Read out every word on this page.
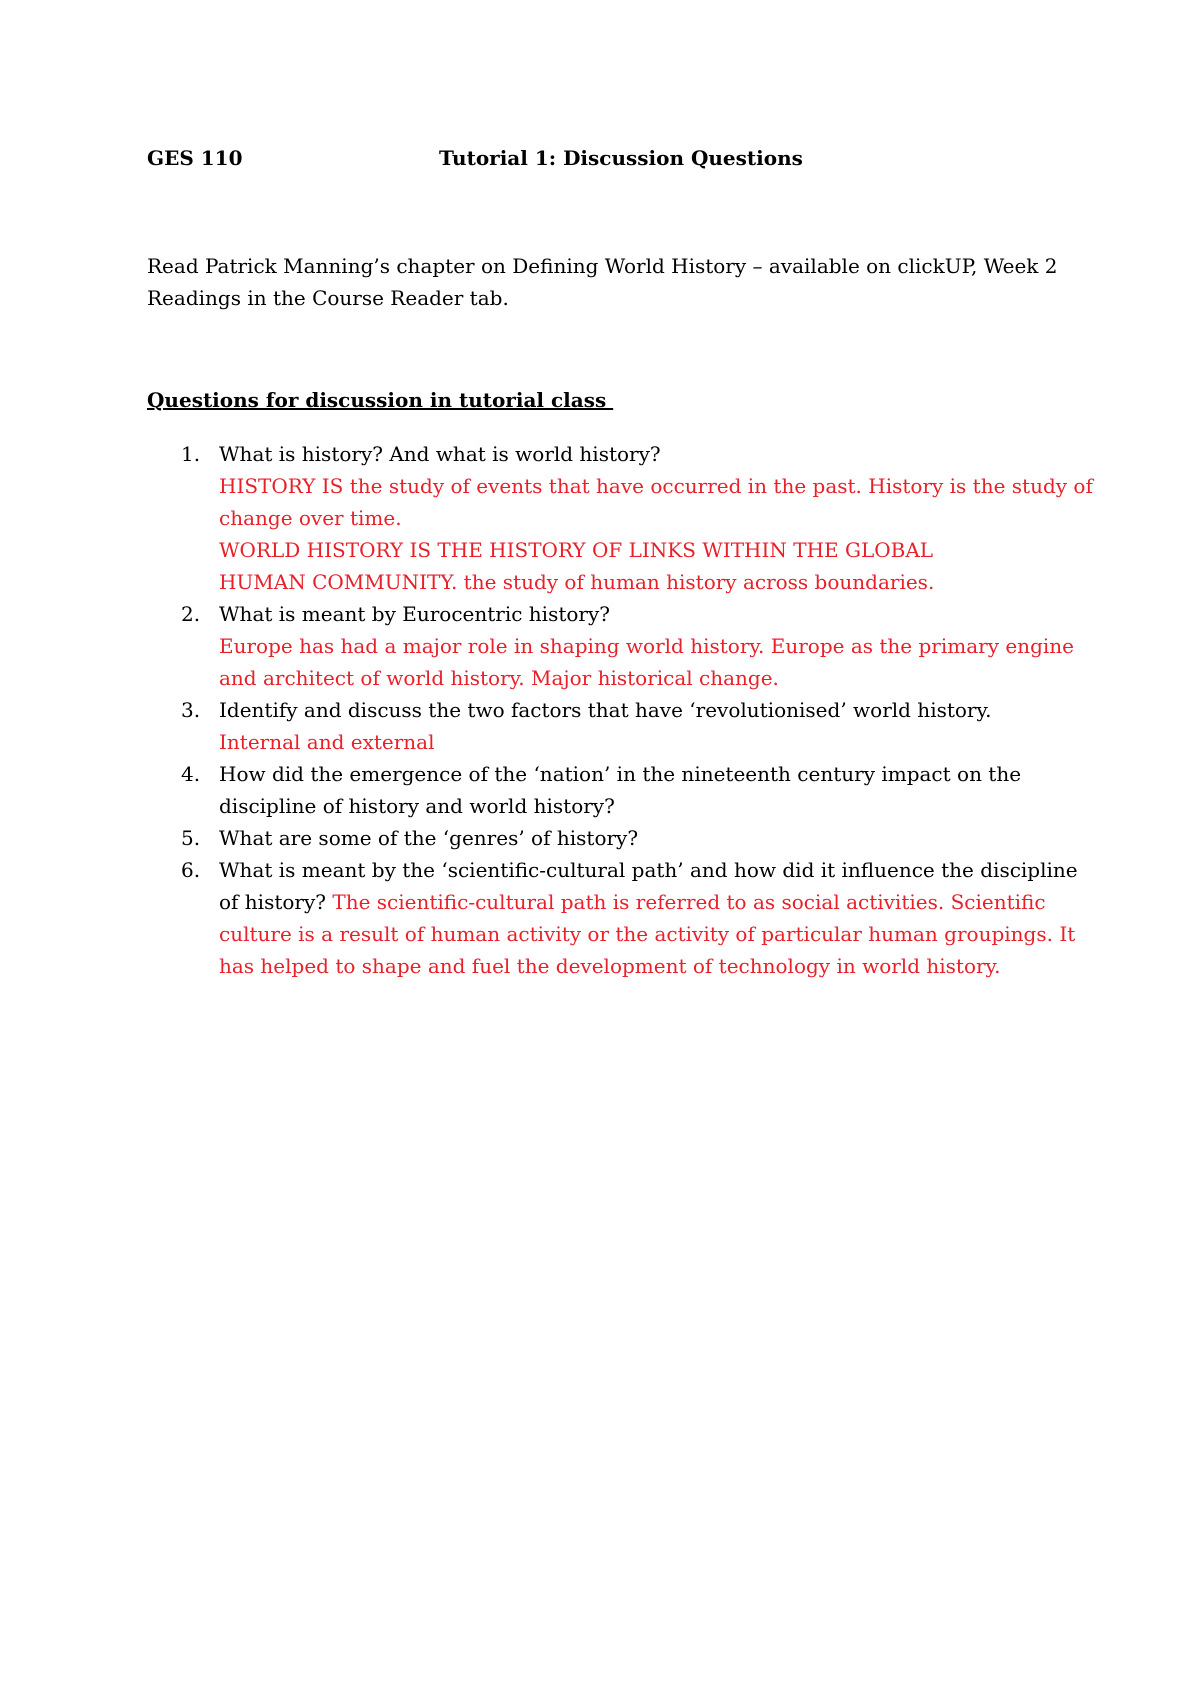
GES 110	Tutorial 1: Discussion Questions
Read Patrick Manning’s chapter on Defining World History – available on clickUP, Week 2
Readings in the Course Reader tab.
Questions for discussion in tutorial class
1. What is history? And what is world history?
HISTORY IS the study of events that have occurred in the past. History is the study of
change over time.
WORLD HISTORY IS THE HISTORY OF LINKS WITHIN THE GLOBAL
HUMAN COMMUNITY. the study of human history across boundaries.
2. What is meant by Eurocentric history?
Europe has had a major role in shaping world history. Europe as the primary engine
and architect of world history. Major historical change.
3. Identify and discuss the two factors that have ‘revolutionised’ world history.
Internal and external
4. How did the emergence of the ‘nation’ in the nineteenth century impact on the
discipline of history and world history?
5. What are some of the ‘genres’ of history?
6. What is meant by the ‘scientific-cultural path’ and how did it influence the discipline
of history? The scientific-cultural path is referred to as social activities. Scientific
culture is a result of human activity or the activity of particular human groupings. It
has helped to shape and fuel the development of technology in world history.
